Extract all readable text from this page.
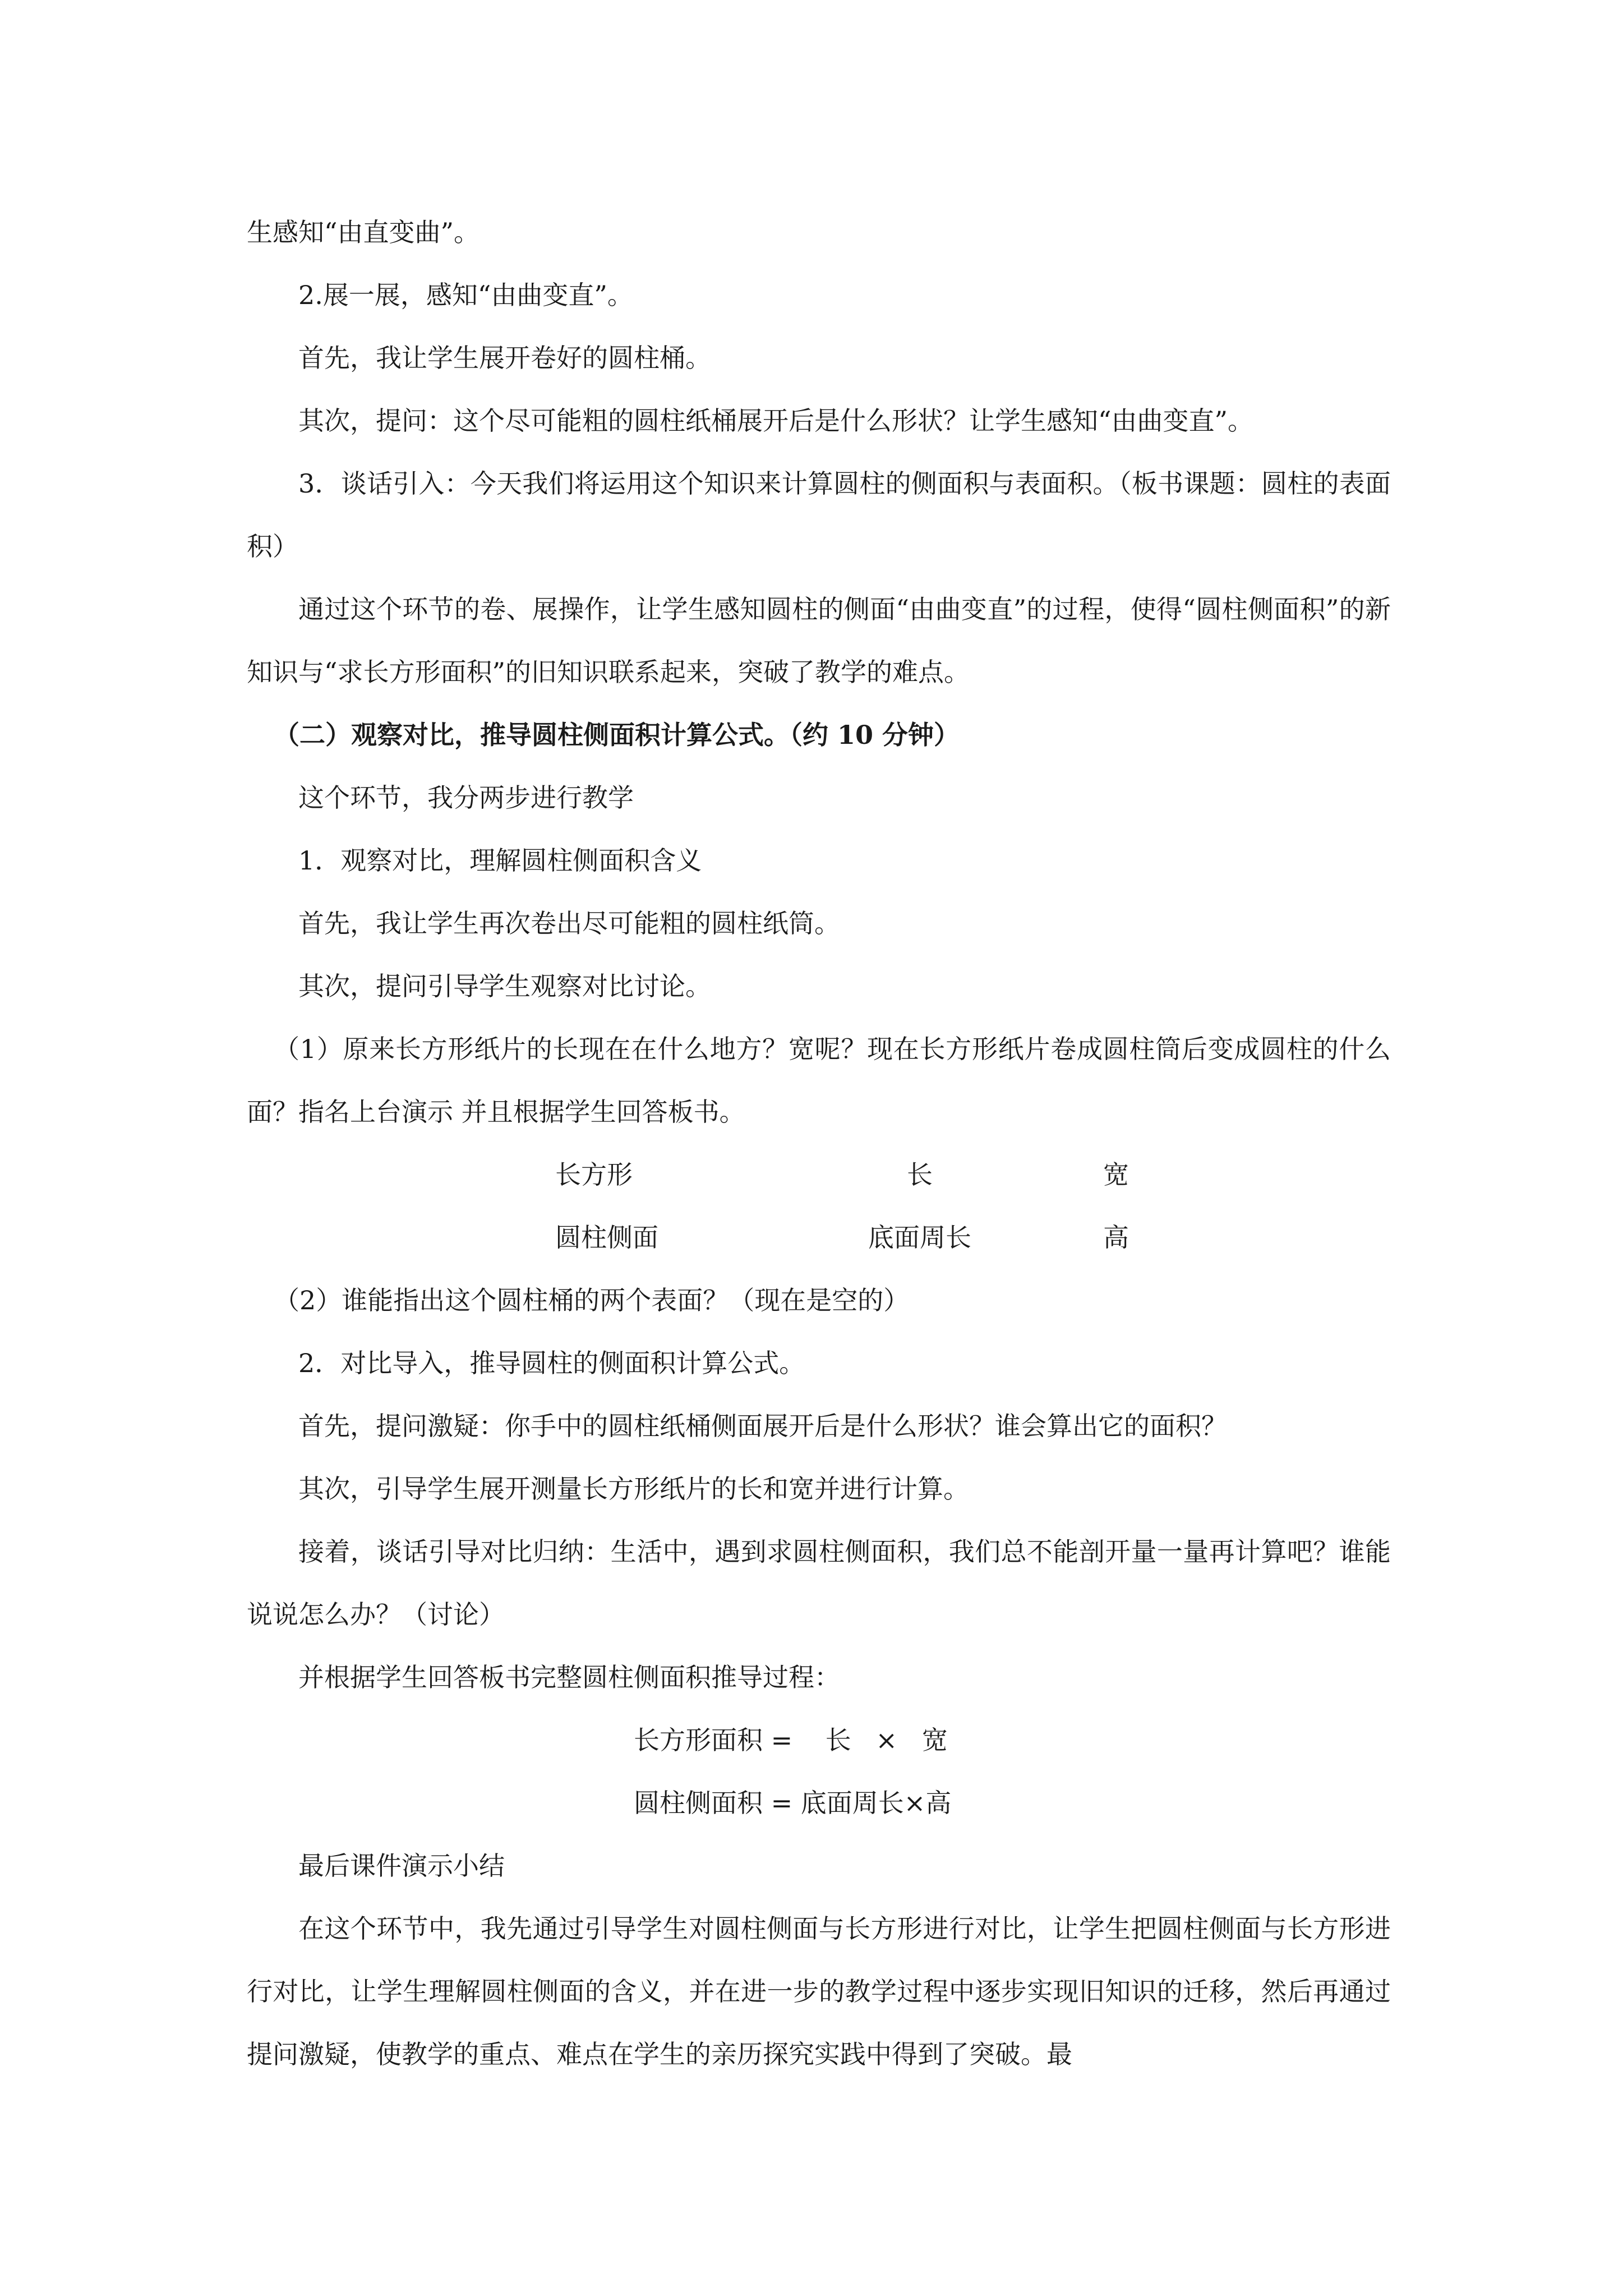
生感知“由直变曲”。

2.展一展，感知“由曲变直”。

首先，我让学生展开卷好的圆柱桶。

其次，提问：这个尽可能粗的圆柱纸桶展开后是什么形状？让学生感知“由曲变直”。

3．谈话引入：今天我们将运用这个知识来计算圆柱的侧面积与表面积。（板书课题：圆柱的表面积）

通过这个环节的卷、展操作，让学生感知圆柱的侧面“由曲变直”的过程，使得“圆柱侧面积”的新知识与“求长方形面积”的旧知识联系起来，突破了教学的难点。

（二）观察对比，推导圆柱侧面积计算公式。（约 10 分钟）

这个环节，我分两步进行教学

1．观察对比，理解圆柱侧面积含义

首先，我让学生再次卷出尽可能粗的圆柱纸筒。

其次，提问引导学生观察对比讨论。

（1）原来长方形纸片的长现在在什么地方？宽呢？现在长方形纸片卷成圆柱筒后变成圆柱的什么面？指名上台演示 并且根据学生回答板书。

长方形	长	宽
圆柱侧面	底面周长	高

（2）谁能指出这个圆柱桶的两个表面？（现在是空的）

2．对比导入，推导圆柱的侧面积计算公式。

首先，提问激疑：你手中的圆柱纸桶侧面展开后是什么形状？谁会算出它的面积？

其次，引导学生展开测量长方形纸片的长和宽并进行计算。

接着，谈话引导对比归纳：生活中，遇到求圆柱侧面积，我们总不能剖开量一量再计算吧？谁能说说怎么办？（讨论）

并根据学生回答板书完整圆柱侧面积推导过程：

长方形面积 =    长   ×   宽

圆柱侧面积 = 底面周长×高

最后课件演示小结

在这个环节中，我先通过引导学生对圆柱侧面与长方形进行对比，让学生把圆柱侧面与长方形进行对比，让学生理解圆柱侧面的含义，并在进一步的教学过程中逐步实现旧知识的迁移，然后再通过提问激疑，使教学的重点、难点在学生的亲历探究实践中得到了突破。最
